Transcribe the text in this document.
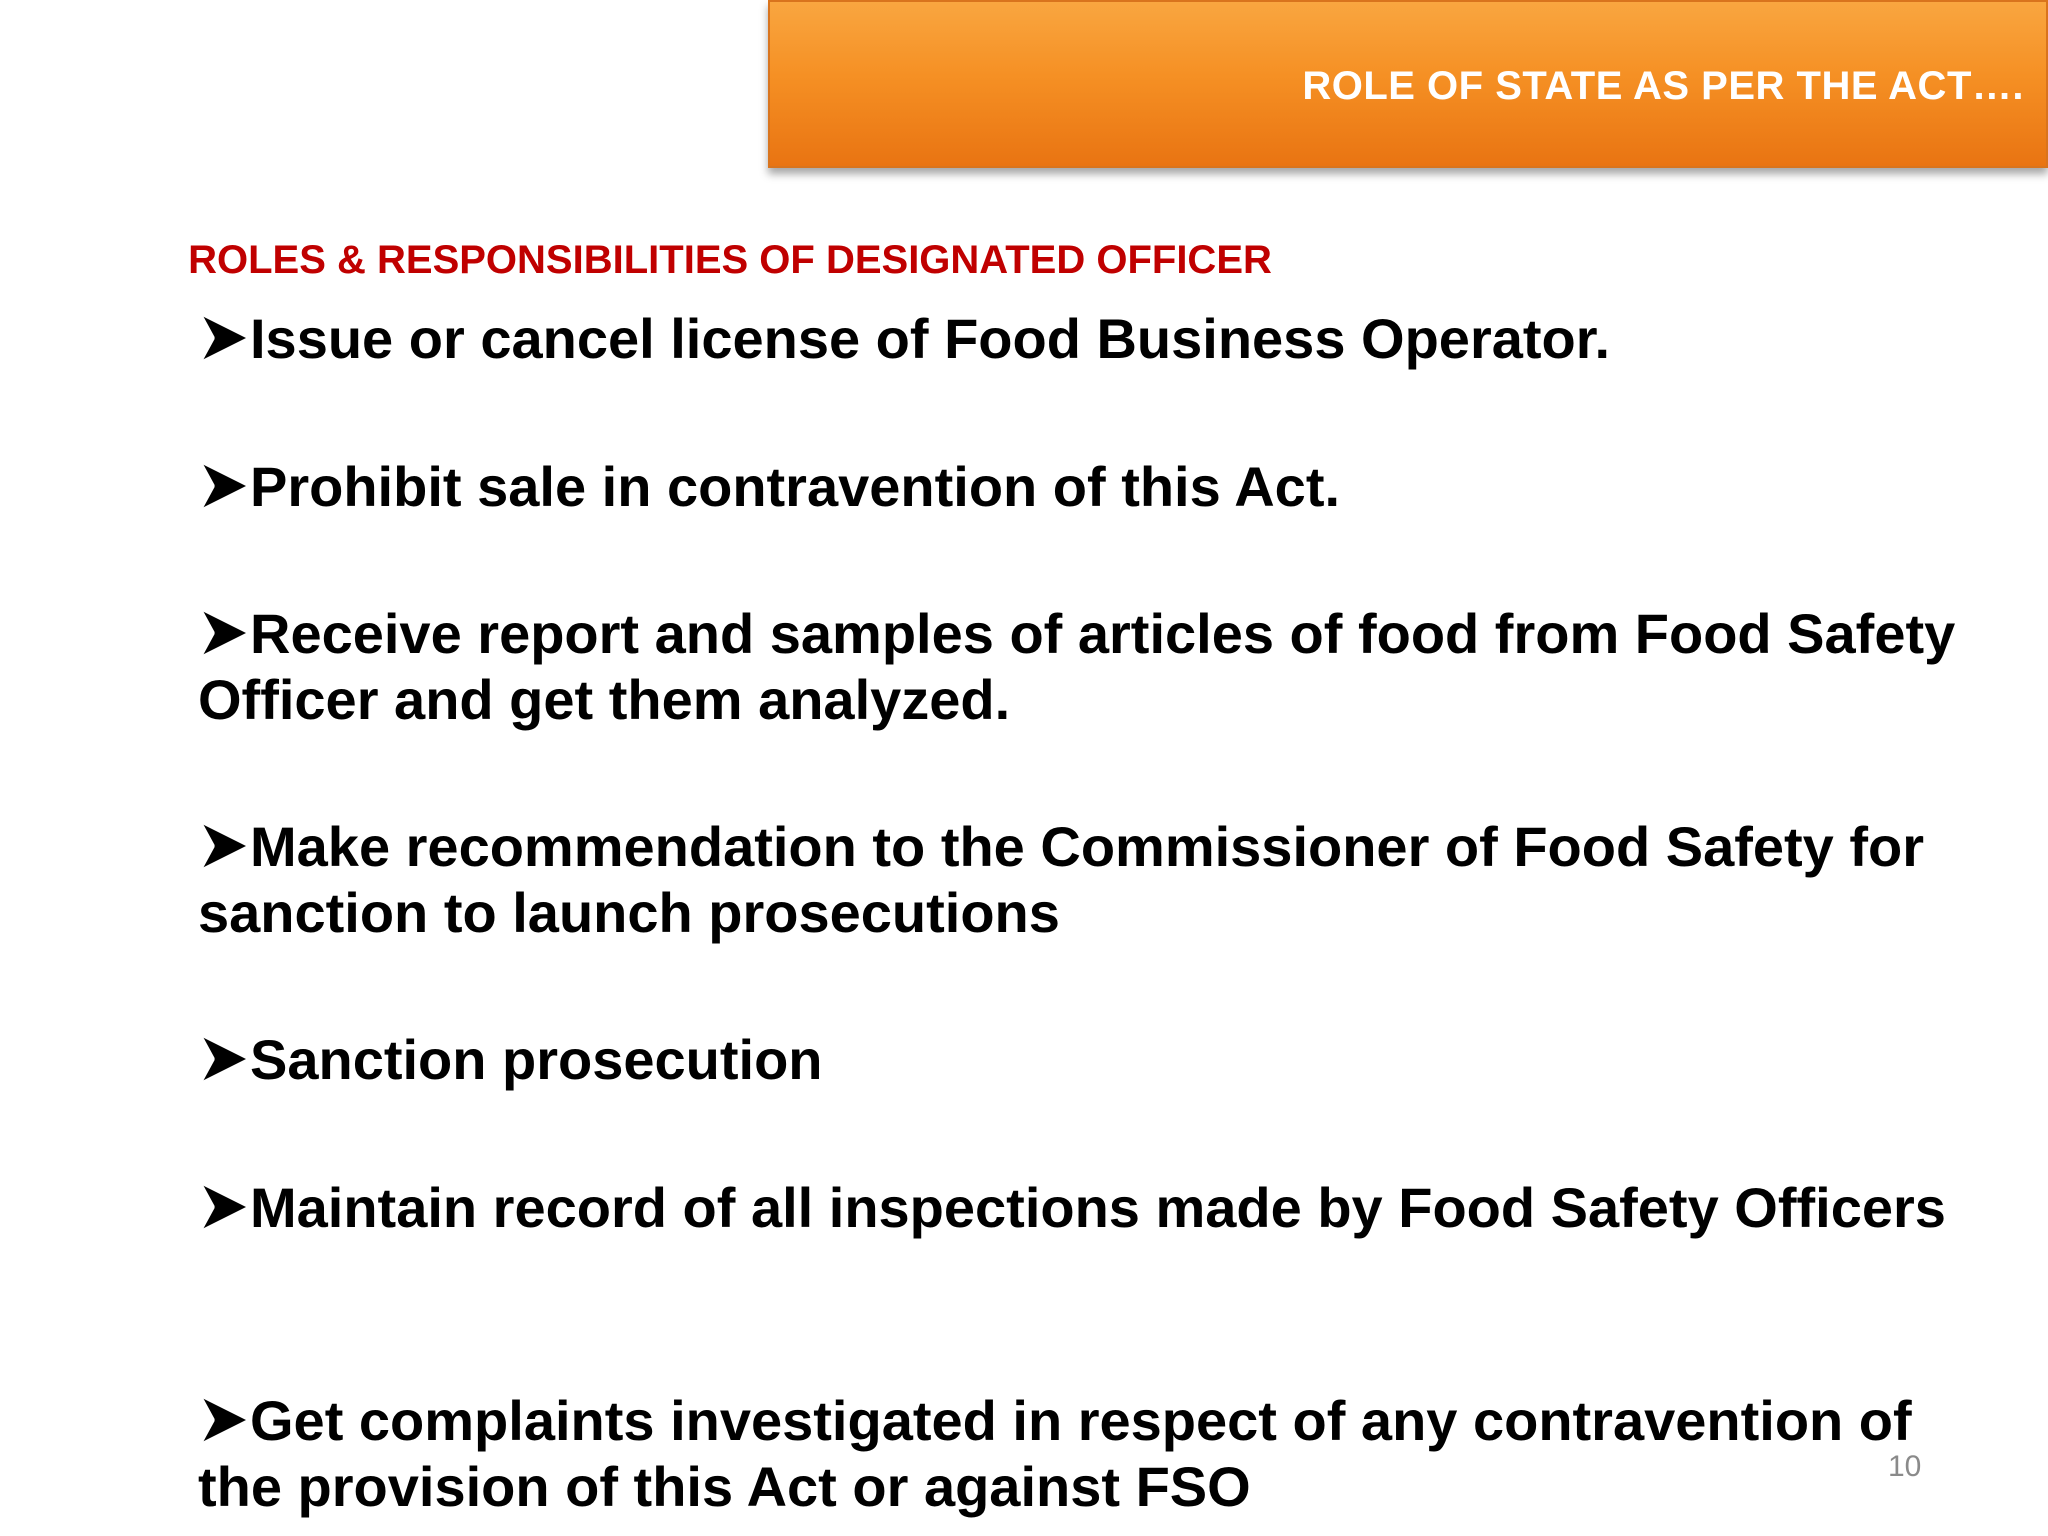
ROLE OF STATE AS PER THE ACT….
ROLES & RESPONSIBILITIES OF DESIGNATED OFFICER
Issue or cancel license of Food Business Operator.
Prohibit sale in contravention of this Act.
Receive report and samples of articles of food from Food Safety Officer and get them analyzed.
Make recommendation to the Commissioner of Food Safety for sanction to launch prosecutions
Sanction prosecution
Maintain record of all inspections made by Food Safety Officers
Get complaints investigated in respect of any contravention of the provision of this Act or against FSO	10
